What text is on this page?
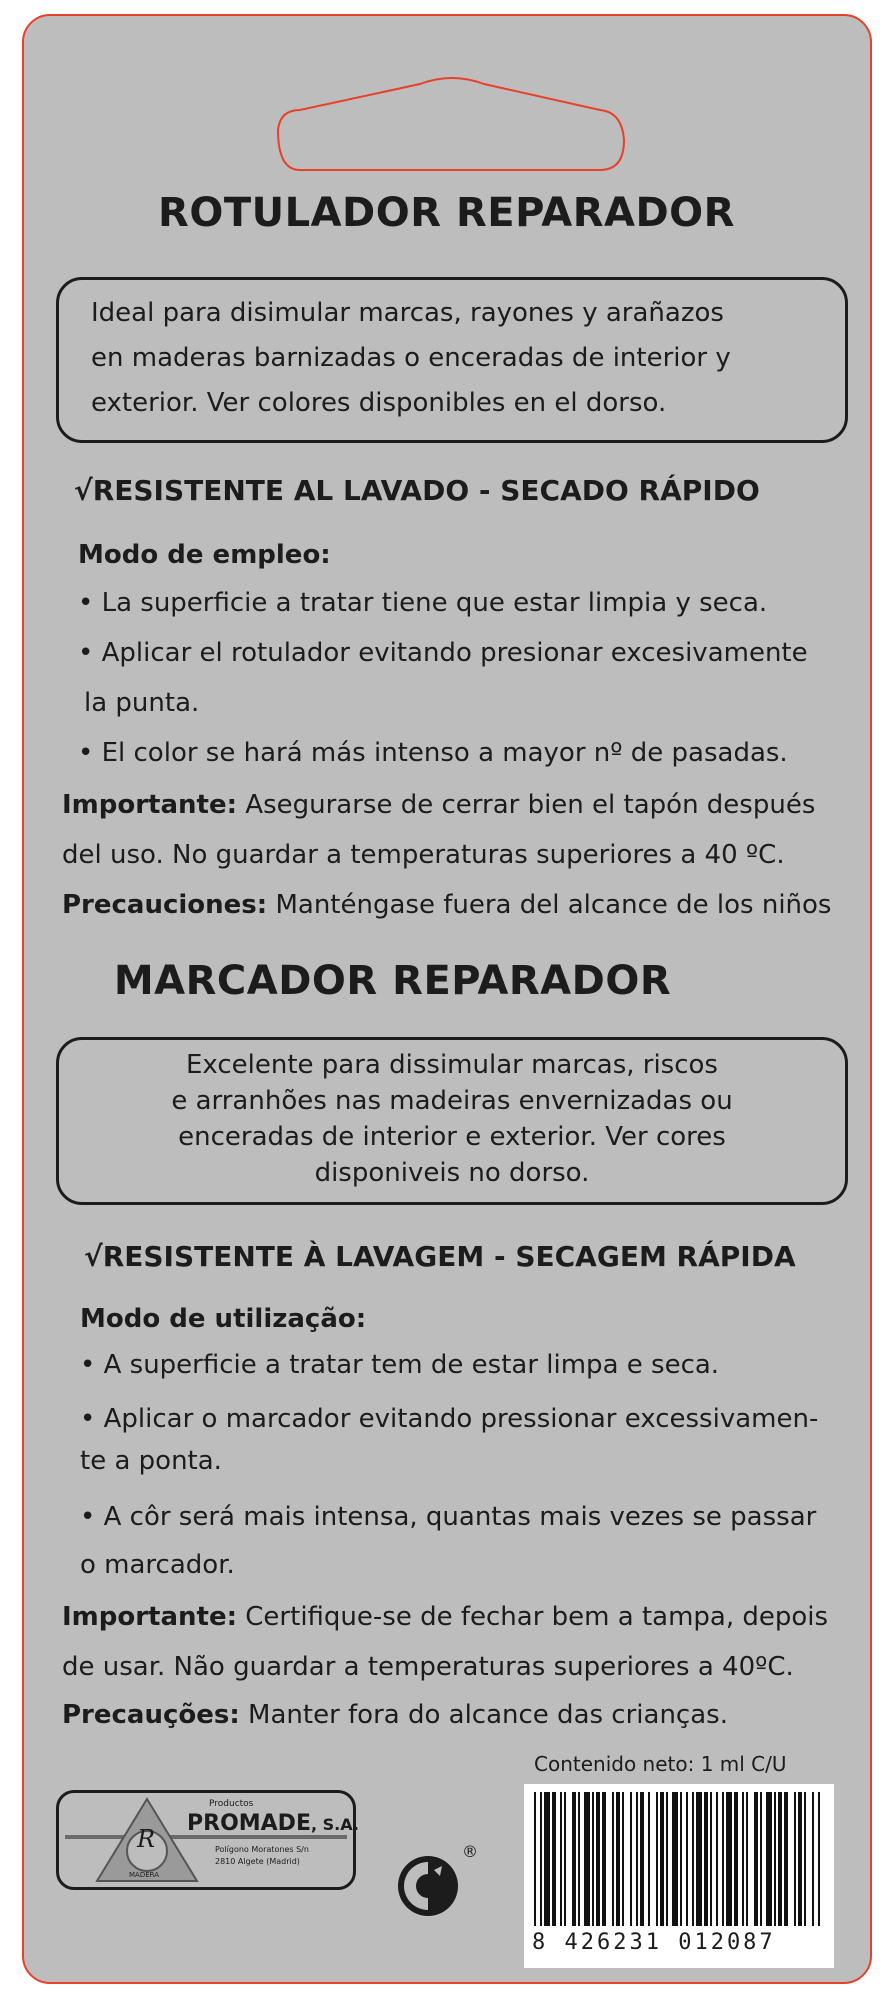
ROTULADOR REPARADOR
Ideal para disimular marcas, rayones y arañazos
en maderas barnizadas o enceradas de interior y
exterior. Ver colores disponibles en el dorso.
√RESISTENTE AL LAVADO - SECADO RÁPIDO
Modo de empleo:
• La superficie a tratar tiene que estar limpia y seca.
• Aplicar el rotulador evitando presionar excesivamente
la punta.
• El color se hará más intenso a mayor nº de pasadas.
Importante: Asegurarse de cerrar bien el tapón después
del uso. No guardar a temperaturas superiores a 40 ºC.
Precauciones: Manténgase fuera del alcance de los niños
MARCADOR REPARADOR
Excelente para dissimular marcas, riscos
e arranhões nas madeiras envernizadas ou
enceradas de interior e exterior. Ver cores
disponiveis no dorso.
√RESISTENTE À LAVAGEM - SECAGEM RÁPIDA
Modo de utilização:
• A superficie a tratar tem de estar limpa e seca.
• Aplicar o marcador evitando pressionar excessivamen-
te a ponta.
• A côr será mais intensa, quantas mais vezes se passar
o marcador.
Importante: Certifique-se de fechar bem a tampa, depois
de usar. Não guardar a temperaturas superiores a 40ºC.
Precauções: Manter fora do alcance das crianças.
Contenido neto: 1 ml C/U
R
MADERA
Productos
PROMADE, S.A.
Polígono Moratones S/n
2810 Algete (Madrid)
®
8 426231 012087
